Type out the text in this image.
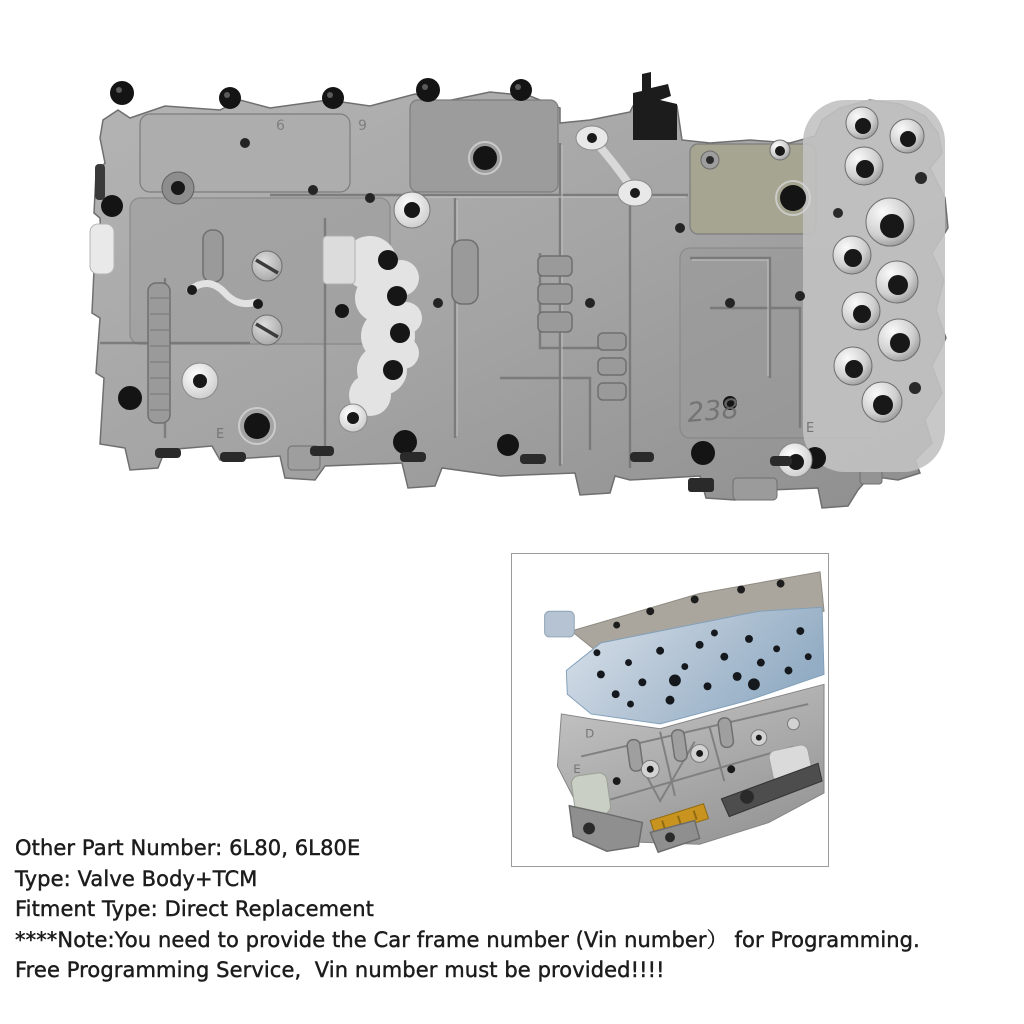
6	9
E	E
238
D
E
Other Part Number: 6L80, 6L80E
Type: Valve Body+TCM
Fitment Type: Direct Replacement
****Note:You need to provide the Car frame number (Vin number） for Programming.
Free Programming Service,  Vin number must be provided!!!!
